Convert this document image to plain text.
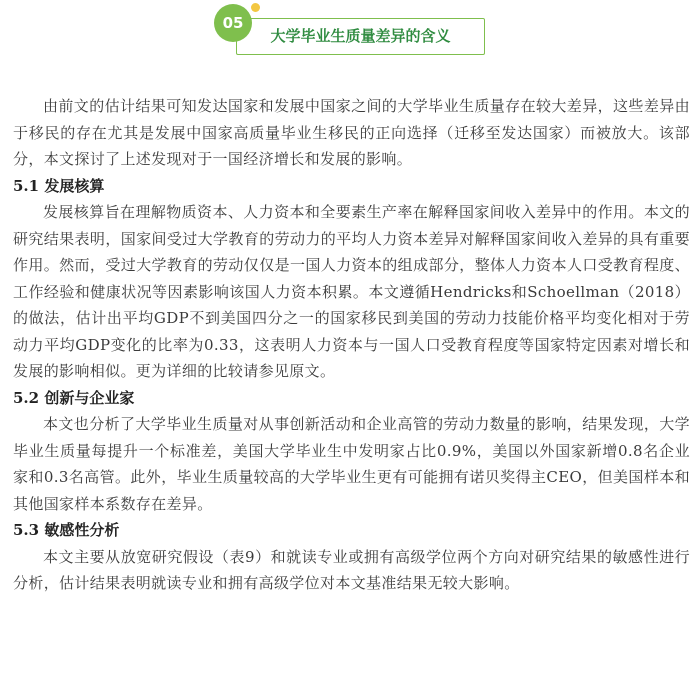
05
大学毕业生质量差异的含义

由前文的估计结果可知发达国家和发展中国家之间的大学毕业生质量存在较大差异，这些差异由于移民的存在尤其是发展中国家高质量毕业生移民的正向选择（迁移至发达国家）而被放大。该部分，本文探讨了上述发现对于一国经济增长和发展的影响。

5.1 发展核算

发展核算旨在理解物质资本、人力资本和全要素生产率在解释国家间收入差异中的作用。本文的研究结果表明，国家间受过大学教育的劳动力的平均人力资本差异对解释国家间收入差异的具有重要作用。然而，受过大学教育的劳动仅仅是一国人力资本的组成部分，整体人力资本人口受教育程度、工作经验和健康状况等因素影响该国人力资本积累。本文遵循Hendricks和Schoellman（2018）的做法，估计出平均GDP不到美国四分之一的国家移民到美国的劳动力技能价格平均变化相对于劳动力平均GDP变化的比率为0.33，这表明人力资本与一国人口受教育程度等国家特定因素对增长和发展的影响相似。更为详细的比较请参见原文。

5.2 创新与企业家

本文也分析了大学毕业生质量对从事创新活动和企业高管的劳动力数量的影响，结果发现，大学毕业生质量每提升一个标准差，美国大学毕业生中发明家占比0.9%，美国以外国家新增0.8名企业家和0.3名高管。此外，毕业生质量较高的大学毕业生更有可能拥有诺贝奖得主CEO，但美国样本和其他国家样本系数存在差异。

5.3 敏感性分析

本文主要从放宽研究假设（表9）和就读专业或拥有高级学位两个方向对研究结果的敏感性进行分析，估计结果表明就读专业和拥有高级学位对本文基准结果无较大影响。
